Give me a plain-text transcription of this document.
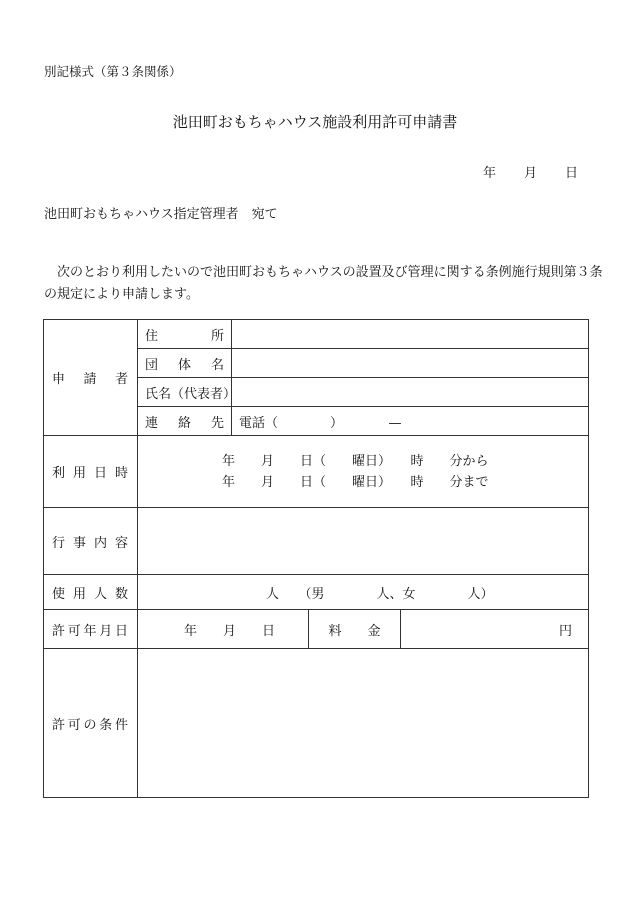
別記様式（第３条関係）
池田町おもちゃハウス施設利用許可申請書
年 月 日
池田町おもちゃハウス指定管理者　宛て
　次のとおり利用したいので池田町おもちゃハウスの設置及び管理に関する条例施行規則第３条の規定により申請します。
申 請 者	住 所			

	団 体 名			

	氏名（代表者）			

	連 絡 先	電話（　　　　）　　　　—		

利 用 日 時	年　　月　　日（　　曜日）　　時　　分から
年　　月　　日（　　曜日）　　時　　分まで			

行 事 内 容				

使 用 人 数	人　　（男　　　　人、女　　　　人）			

許 可 年 月 日	年　　月　　日		料　　金	円

許 可 の 条 件				
